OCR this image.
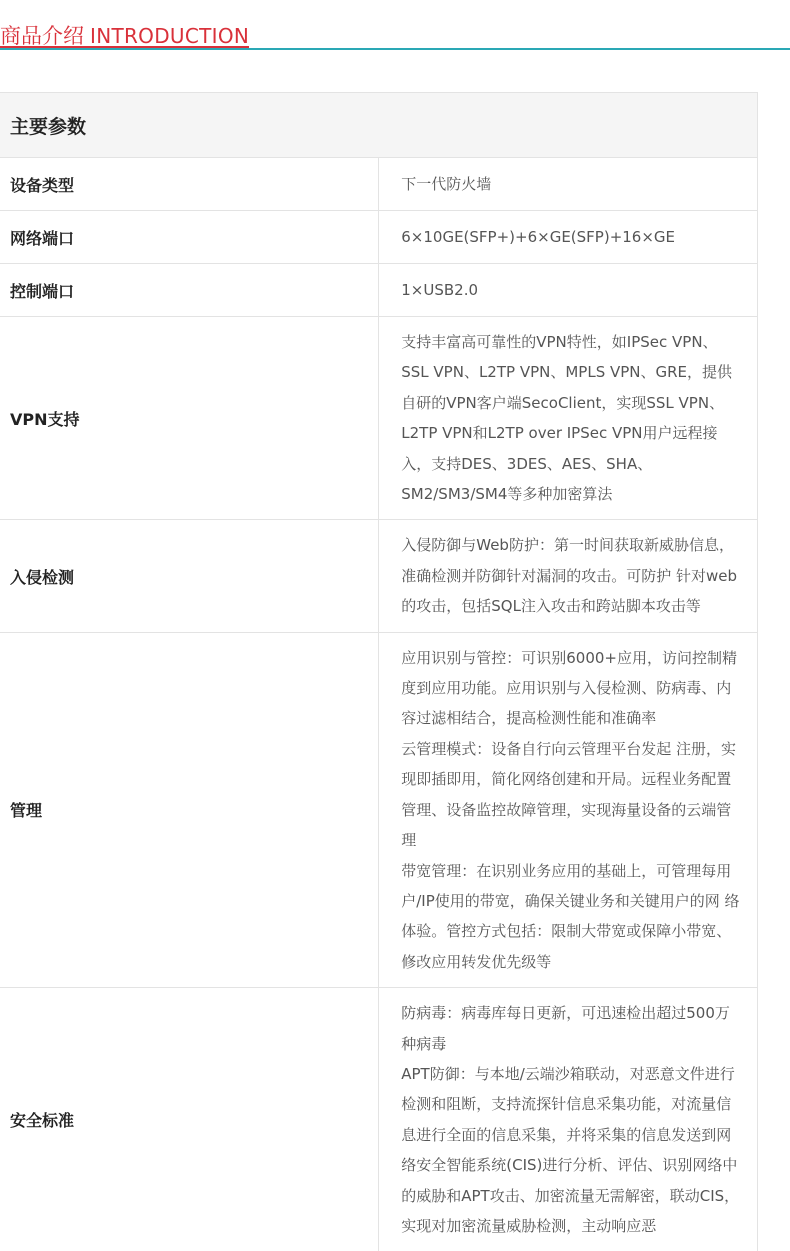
商品介绍 INTRODUCTION
主要参数	
设备类型	下一代防火墙

网络端口	6×10GE(SFP+)+6×GE(SFP)+16×GE

控制端口	1×USB2.0

VPN支持	支持丰富高可靠性的VPN特性，如IPSec VPN、SSL VPN、L2TP VPN、MPLS VPN、GRE，提供自研的VPN客户端SecoClient，实现SSL VPN、L2TP VPN和L2TP over IPSec VPN用户远程接入，支持DES、3DES、AES、SHA、SM2/SM3/SM4等多种加密算法

入侵检测	入侵防御与Web防护：第一时间获取新威胁信息，准确检测并防御针对漏洞的攻击。可防护 针对web的攻击，包括SQL注入攻击和跨站脚本攻击等

管理	应用识别与管控：可识别6000+应用，访问控制精度到应用功能。应用识别与入侵检测、防病毒、内容过滤相结合，提高检测性能和准确率
云管理模式：设备自行向云管理平台发起 注册，实现即插即用，简化网络创建和开局。远程业务配置管理、设备监控故障管理，实现海量设备的云端管理
带宽管理：在识别业务应用的基础上，可管理每用户/IP使用的带宽，确保关键业务和关键用户的网 络体验。管控方式包括：限制大带宽或保障小带宽、修改应用转发优先级等

安全标准	防病毒：病毒库每日更新，可迅速检出超过500万种病毒
APT防御：与本地/云端沙箱联动，对恶意文件进行检测和阻断，支持流探针信息采集功能，对流量信息进行全面的信息采集，并将采集的信息发送到网络安全智能系统(CIS)进行分析、评估、识别网络中的威胁和APT攻击、加密流量无需解密，联动CIS，实现对加密流量威胁检测，主动响应恶
